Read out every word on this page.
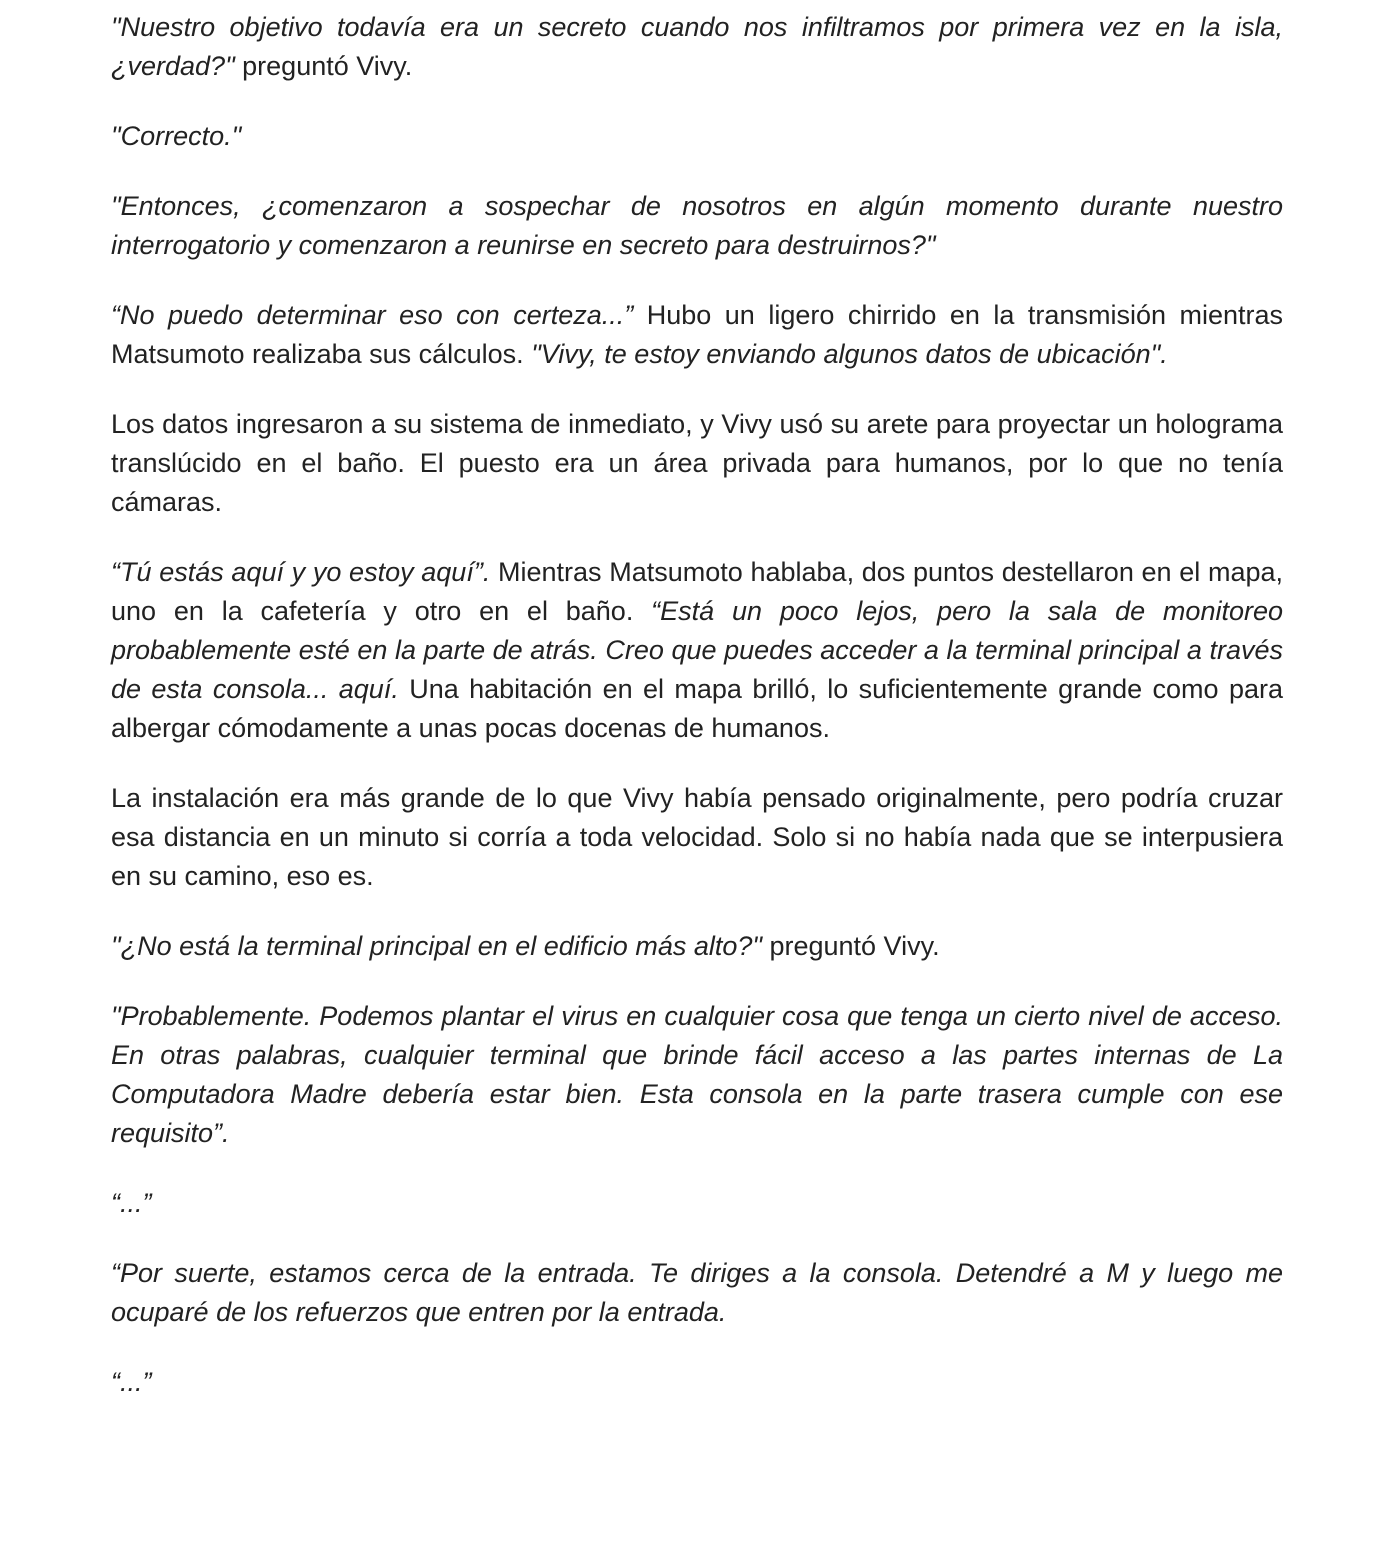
"Nuestro objetivo todavía era un secreto cuando nos infiltramos por primera vez en la isla, ¿verdad?" preguntó Vivy.

"Correcto."

"Entonces, ¿comenzaron a sospechar de nosotros en algún momento durante nuestro interrogatorio y comenzaron a reunirse en secreto para destruirnos?"

“No puedo determinar eso con certeza...” Hubo un ligero chirrido en la transmisión mientras Matsumoto realizaba sus cálculos. "Vivy, te estoy enviando algunos datos de ubicación".

Los datos ingresaron a su sistema de inmediato, y Vivy usó su arete para proyectar un holograma translúcido en el baño. El puesto era un área privada para humanos, por lo que no tenía cámaras.

“Tú estás aquí y yo estoy aquí”. Mientras Matsumoto hablaba, dos puntos destellaron en el mapa, uno en la cafetería y otro en el baño. “Está un poco lejos, pero la sala de monitoreo probablemente esté en la parte de atrás. Creo que puedes acceder a la terminal principal a través de esta consola... aquí. Una habitación en el mapa brilló, lo suficientemente grande como para albergar cómodamente a unas pocas docenas de humanos.

La instalación era más grande de lo que Vivy había pensado originalmente, pero podría cruzar esa distancia en un minuto si corría a toda velocidad. Solo si no había nada que se interpusiera en su camino, eso es.

"¿No está la terminal principal en el edificio más alto?" preguntó Vivy.

"Probablemente. Podemos plantar el virus en cualquier cosa que tenga un cierto nivel de acceso. En otras palabras, cualquier terminal que brinde fácil acceso a las partes internas de La Computadora Madre debería estar bien. Esta consola en la parte trasera cumple con ese requisito”.

“...”

“Por suerte, estamos cerca de la entrada. Te diriges a la consola. Detendré a M y luego me ocuparé de los refuerzos que entren por la entrada.

“...”
